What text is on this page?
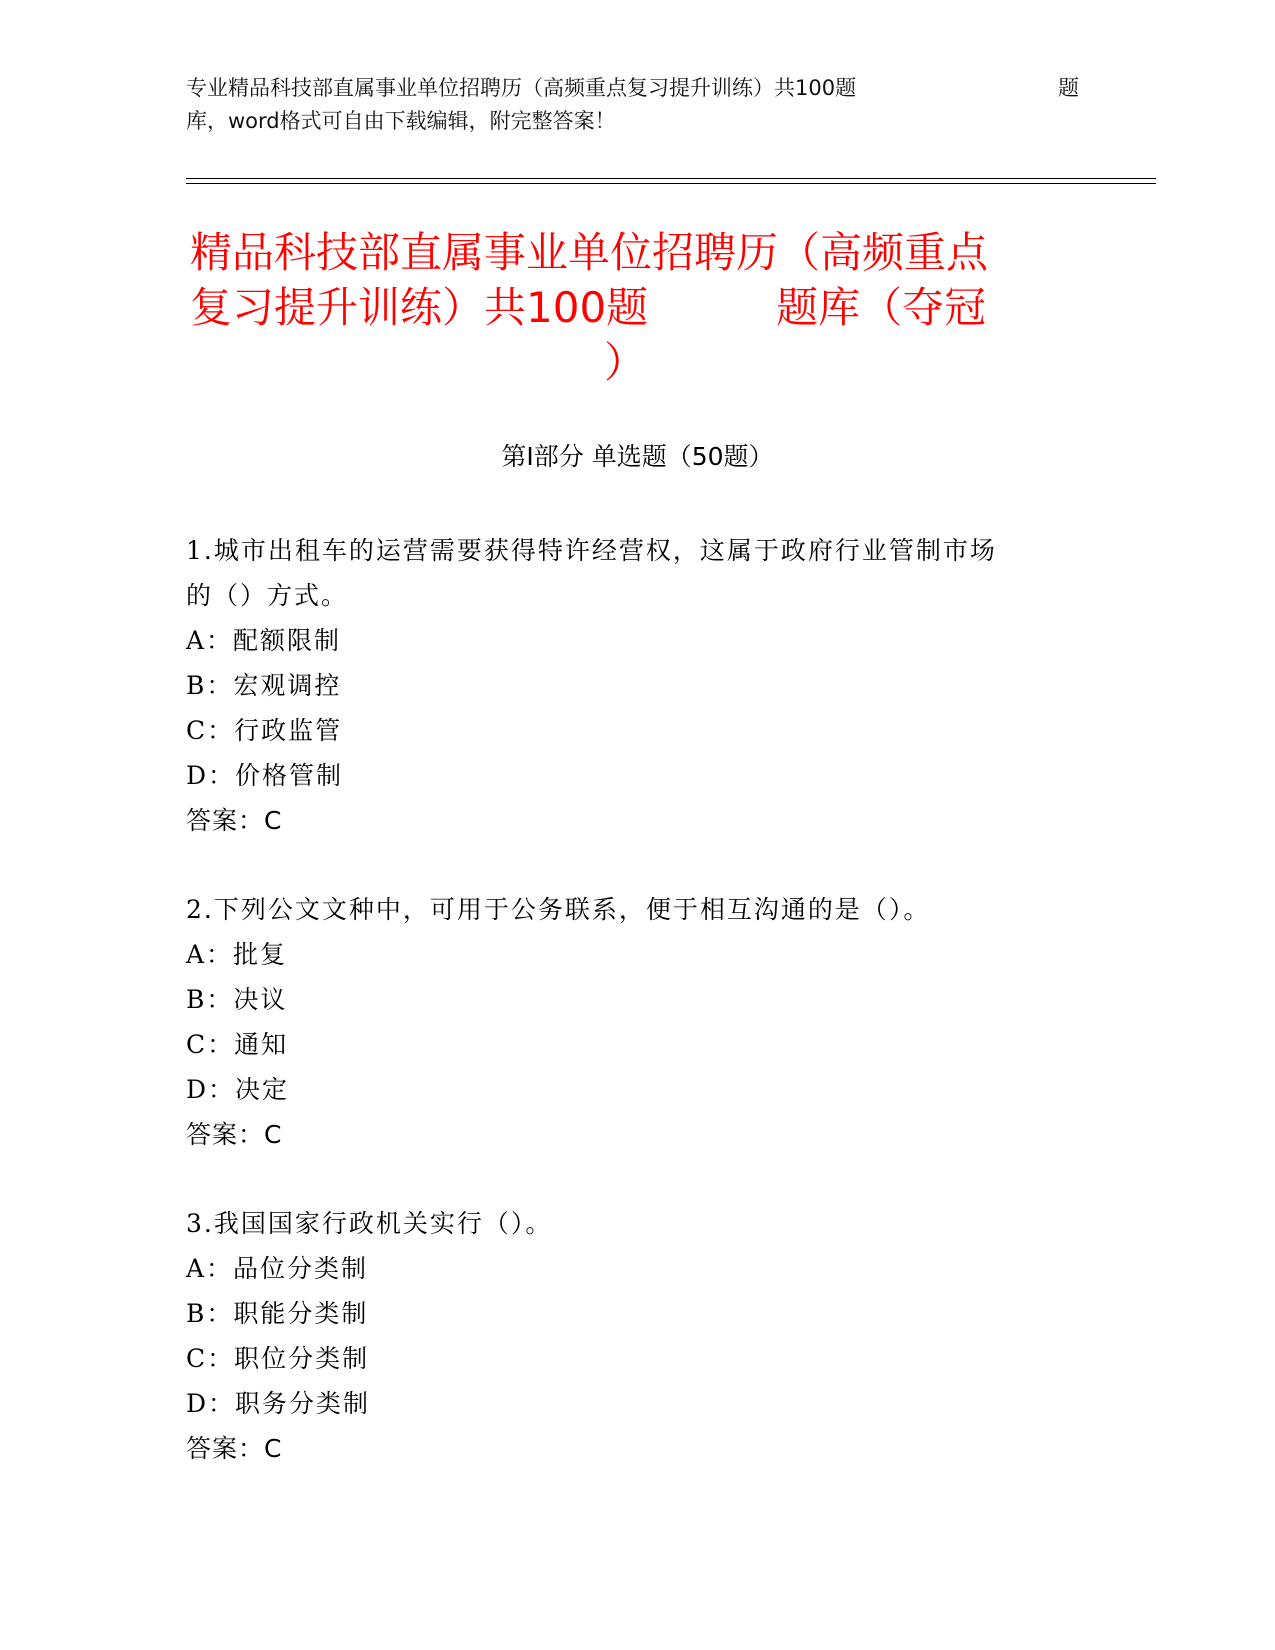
专业精品科技部直属事业单位招聘历（高频重点复习提升训练）共100题	题
库，word格式可自由下载编辑，附完整答案！
精品科技部直属事业单位招聘历（高频重点
复习提升训练）共100题	题库（夺冠
）
第Ⅰ部分 单选题（50题）
1.城市出租车的运营需要获得特许经营权，这属于政府行业管制市场
的（）方式。
A：配额限制
B：宏观调控
C：行政监管
D：价格管制
答案：C
2.下列公文文种中，可用于公务联系，便于相互沟通的是（）。
A：批复
B：决议
C：通知
D：决定
答案：C
3.我国国家行政机关实行（）。
A：品位分类制
B：职能分类制
C：职位分类制
D：职务分类制
答案：C
